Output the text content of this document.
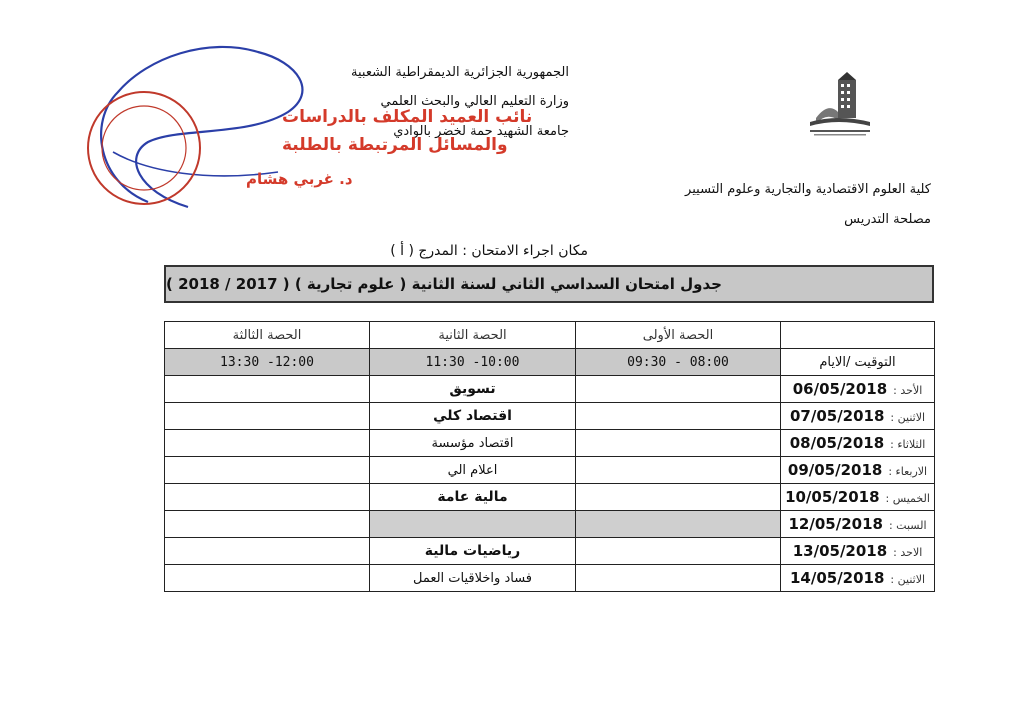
الجمهورية الجزائرية الديمقراطية الشعبية
وزارة التعليم العالي والبحث العلمي
جامعة الشهيد حمة لخضر بالوادي
نائب العميد المكلف بالدراسات
والمسائل المرتبطة بالطلبة
د. غربي هشام
كلية العلوم الاقتصادية والتجارية وعلوم التسيير
مصلحة التدريس
مكان اجراء الامتحان : المدرج ( أ )
جدول امتحان السداسي الثاني لسنة الثانية ( علوم تجارية ) ( 2017 / 2018 )
الحصة الثالثة	الحصة الثانية	الحصة الأولى	
13:30 -12:00	11:30 -10:00	09:30 - 08:00	التوقيت /الايام
	تسويق		الأحد :06/05/2018
	اقتصاد كلي		الاثنين :07/05/2018
	اقتصاد مؤسسة		الثلاثاء :08/05/2018
	اعلام الي		الاربعاء :09/05/2018
	مالية عامة		الخميس :10/05/2018
			السبت :12/05/2018
	رياضيات مالية		الاحد :13/05/2018
	فساد واخلاقيات العمل		الاثنين :14/05/2018
